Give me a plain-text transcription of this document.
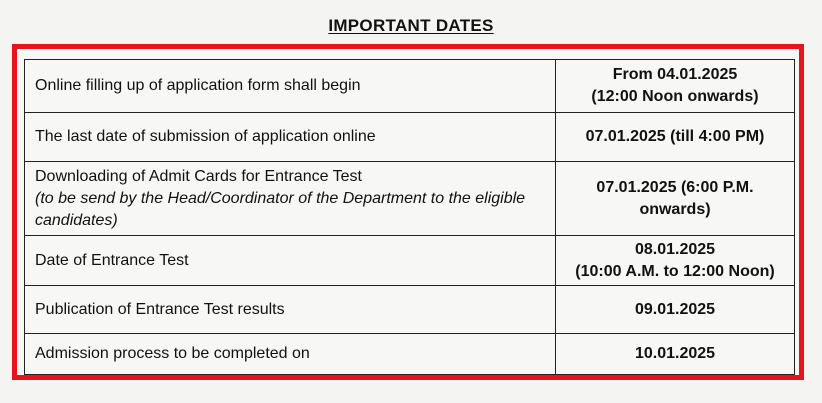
IMPORTANT DATES
Online filling up of application form shall begin	From 04.01.2025
(12:00 Noon onwards)

The last date of submission of application online	07.01.2025 (till 4:00 PM)

Downloading of Admit Cards for Entrance Test
(to be send by the Head/Coordinator of the Department to the eligible candidates)	07.01.2025 (6:00 P.M.
onwards)

Date of Entrance Test	08.01.2025
(10:00 A.M. to 12:00 Noon)

Publication of Entrance Test results	09.01.2025

Admission process to be completed on	10.01.2025
